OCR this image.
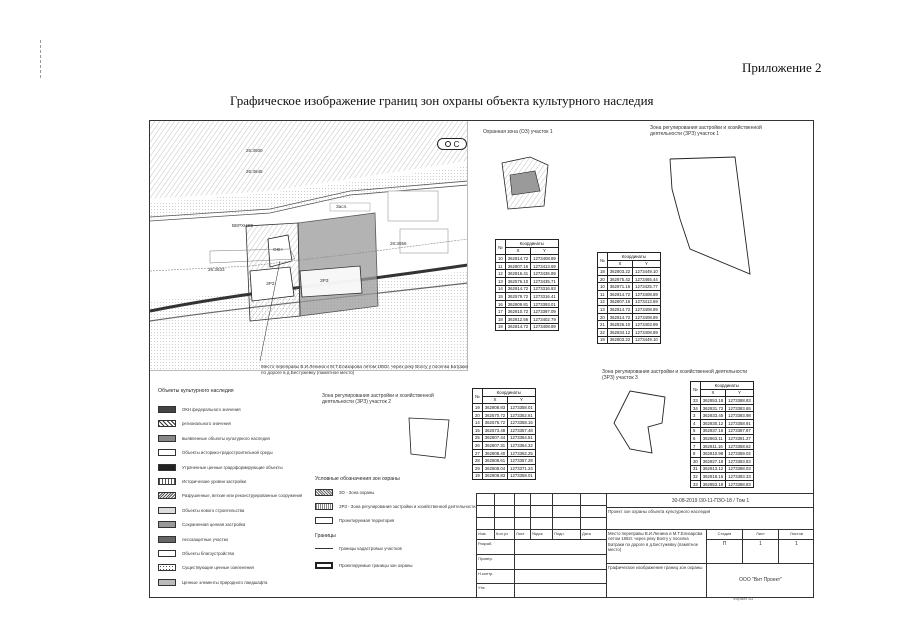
Приложение 2
Графическое изображение границ зон охраны объекта культурного наследия
26:3930
26:3645
ВЕРХНЕЕ
26:3656
26:3633
Засл.
ОКН
ЗРЗ
ЗРЗ
С
Место переправы В.И.Ленина и М.Т.Елизарова летом 1892г. через реку Волгу у поселка Батраки по дороге в д.Бестужевку (памятное место)
Охранная зона (ОЗ) участок 1
№	Координаты	
	X	Y
10	362814.72	1273408.89
11	362807.16	1273413.69
12	362816.41	1273436.89
13	362576.10	1273435.71
14	362814.72	1273316.93
15	362579.72	1273316.41
16	362809.81	1273393.01
17	362810.72	1273397.09
18	362812.56	1273402.79
19	362814.72	1273408.89
Зона регулирования застройки и хозяйственной деятельности (ЗРЗ) участок 1
№	Координаты	
	X	Y
18	362803.22	1273449.10
20	362875.42	1273465.44
10	362871.16	1273425.77
11	362814.72	1273408.89
12	362807.16	1273413.69
13	362814.72	1273408.89
20	362814.72	1273408.89
21	362826.10	1273403.99
22	362834.12	1273408.89
19	362803.22	1273449.10
Зона регулирования застройки и хозяйственной деятельности (ЗРЗ) участок 2
№	Координаты	
	X	Y
19	362808.83	1273358.01
20	362570.72	1273352.61
14	362576.72	1273358.15
15	362573.48	1273357.48
25	362807.44	1273364.51
26	362807.31	1273364.32
27	362808.40	1273362.25
28	362808.61	1273357.28
29	362808.04	1273371.24
19	362808.83	1273358.01
Зона регулирования застройки и хозяйственной деятельности (ЗРЗ) участок 3
№	Координаты	
	X	Y
33	362853.18	1273388.83
34	362831.73	1273383.65
3	362833.45	1273393.98
4	362830.12	1273358.91
5	362837.16	1273387.87
6	362863.11	1273381.27
7	362811.16	1273358.62
8	362810.98	1273359.02
30	362827.18	1273383.83
31	362813.12	1273388.03
32	362818.16	1273383.33
33	362853.18	1273388.83
Объекты культурного наследия
ОКН федерального значения
регионального значения
выявленные объекты культурного наследия
Объекты историко-градостроительной среды
Утраченные ценные градоформирующие объекты
Исторические уровни застройки
Разрушенные, ветхие или реконструированные сооружения
Объекты нового строительства
Сохраненная ценная застройка
лесозащитные участки
Объекты благоустройства
Существующие ценные озеленения
Ценные элементы природного ландшафта
Условные обозначения зон охраны
ЗО - Зона охраны
ЗРЗ - Зона регулирования застройки и хозяйственной деятельности
Проектируемая территория
Границы
Границы кадастровых участков
Проектируемые границы зон охраны
30-08-2019 /30-11-ПЗО-18 / Том 1
Изм.	Кол.уч	Лист	№док	Подп.	Дата
Разраб.
Провер.
Н.контр.
Утв.
Проект зон охраны объекта культурного наследия
Место переправы В.И.Ленина и М.Т.Елизарова летом 1892г. через реку Волгу у поселка Батраки по дороге в д.Бестужевку (памятное место)
Стадия	Лист	Листов
П	1	1
Графическое изображение границ зон охраны
ООО "Вит Проект"
Формат А3
